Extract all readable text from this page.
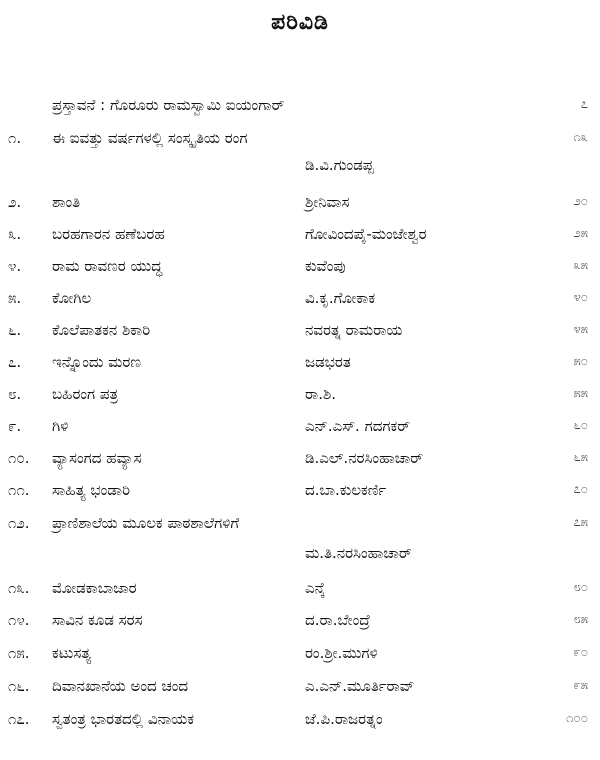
ಪರಿವಿಡಿ
ಪ್ರಸ್ತಾವನೆ : ಗೊರೂರು ರಾಮಸ್ವಾಮಿ ಐಯಂಗಾರ್	೭
೧.	ಈ ಐವತ್ತು ವರ್ಷಗಳಲ್ಲಿ ಸಂಸ್ಕೃತಿಯ ರಂಗ	೧೩
ಡಿ.ವಿ.ಗುಂಡಪ್ಪ
೨.	ಶಾಂತಿ	ಶ್ರೀನಿವಾಸ	೨೦
೩.	ಬರಹಗಾರನ ಹಣೆಬರಹ	ಗೋವಿಂದಪೈ-ಮಂಜೇಶ್ವರ	೨೫
೪.	ರಾಮ ರಾವಣರ ಯುದ್ಧ	ಕುವೆಂಪು	೩೫
೫.	ಕೋಗಿಲ	ವಿ.ಕೃ.ಗೋಕಾಕ	೪೦
೬.	ಕೊಲೆಪಾತಕನ ಶಿಕಾರಿ	ನವರತ್ನ ರಾಮರಾಯ	೪೫
೭.	ಇನ್ನೊಂದು ಮರಣ	ಜಡಭರತ	೫೦
೮.	ಬಹಿರಂಗ ಪತ್ರ	ರಾ.ಶಿ.	೫೫
೯.	ಗಿಳಿ	ಎನ್.ಎಸ್. ಗದಗಕರ್	೬೦
೧೦.	ವ್ಯಾಸಂಗದ ಹವ್ಯಾಸ	ಡಿ.ಎಲ್.ನರಸಿಂಹಾಚಾರ್	೬೫
೧೧.	ಸಾಹಿತ್ಯ ಭಂಡಾರಿ	ದ.ಬಾ.ಕುಲಕರ್ಣಿ	೭೦
೧೨.	ಪ್ರಾಣಿಶಾಲೆಯ ಮೂಲಕ ಪಾಠಶಾಲೆಗಳಿಗೆ	೭೫
ಮ.ತಿ.ನರಸಿಂಹಾಚಾರ್
೧೩.	ಮೋಡಕಾಬಾಜಾರ	ಎನ್ಕೆ	೮೦
೧೪.	ಸಾವಿನ ಕೂಡ ಸರಸ	ದ.ರಾ.ಬೇಂದ್ರೆ	೮೫
೧೫.	ಕಟುಸತ್ಯ	ರಂ.ಶ್ರೀ.ಮುಗಳಿ	೯೦
೧೬.	ದಿವಾನಖಾನೆಯ ಅಂದ ಚಂದ	ಎ.ಎನ್.ಮೂರ್ತಿರಾವ್	೯೫
೧೭.	ಸ್ವತಂತ್ರ ಭಾರತದಲ್ಲಿ ವಿನಾಯಕ	ಜೆ.ಪಿ.ರಾಜರತ್ನಂ	೧೦೦
